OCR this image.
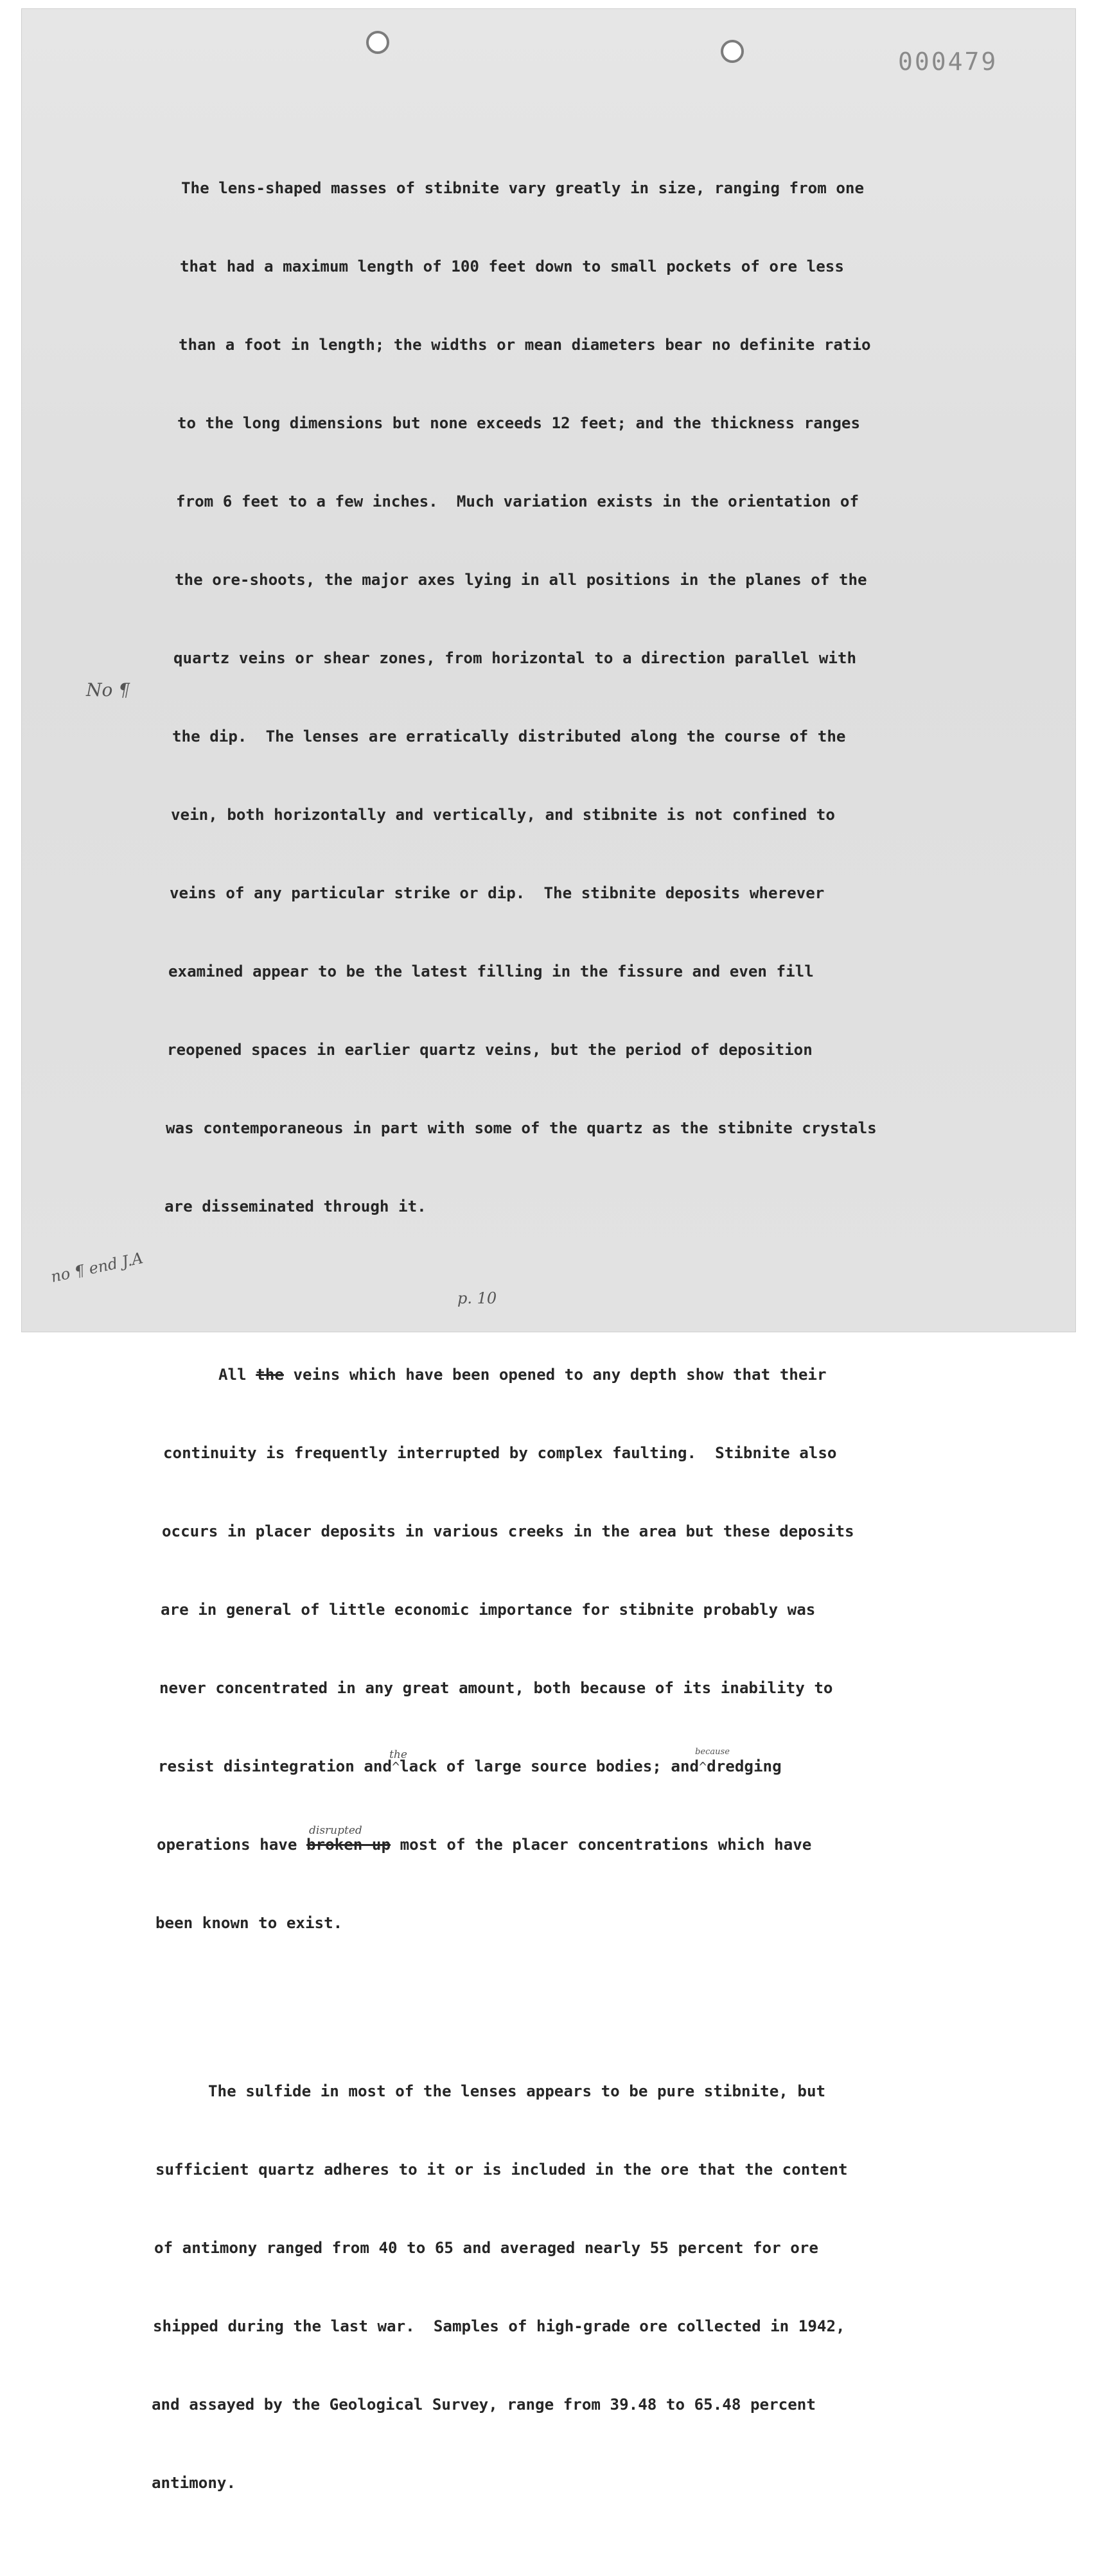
000479
No ¶
no ¶ end J.A
p. 10

The lens-shaped masses of stibnite vary greatly in size, ranging from one

that had a maximum length of 100 feet down to small pockets of ore less

than a foot in length; the widths or mean diameters bear no definite ratio

to the long dimensions but none exceeds 12 feet; and the thickness ranges

from 6 feet to a few inches.  Much variation exists in the orientation of

the ore-shoots, the major axes lying in all positions in the planes of the

quartz veins or shear zones, from horizontal to a direction parallel with

the dip.  The lenses are erratically distributed along the course of the

vein, both horizontally and vertically, and stibnite is not confined to

veins of any particular strike or dip.  The stibnite deposits wherever

examined appear to be the latest filling in the fissure and even fill

reopened spaces in earlier quartz veins, but the period of deposition

was contemporaneous in part with some of the quartz as the stibnite crystals

are disseminated through it.

All the veins which have been opened to any depth show that their

continuity is frequently interrupted by complex faulting.  Stibnite also

occurs in placer deposits in various creeks in the area but these deposits

are in general of little economic importance for stibnite probably was

never concentrated in any great amount, both because of its inability to

resist disintegration and^
the
lack of large source bodies; and^
because
dredging

operations have broken up
disrupted
most of the placer concentrations which have

been known to exist.

The sulfide in most of the lenses appears to be pure stibnite, but

sufficient quartz adheres to it or is included in the ore that the content

of antimony ranged from 40 to 65 and averaged nearly 55 percent for ore

shipped during the last war.  Samples of high-grade ore collected in 1942,

and assayed by the Geological Survey, range from 39.48 to 65.48 percent

antimony.
